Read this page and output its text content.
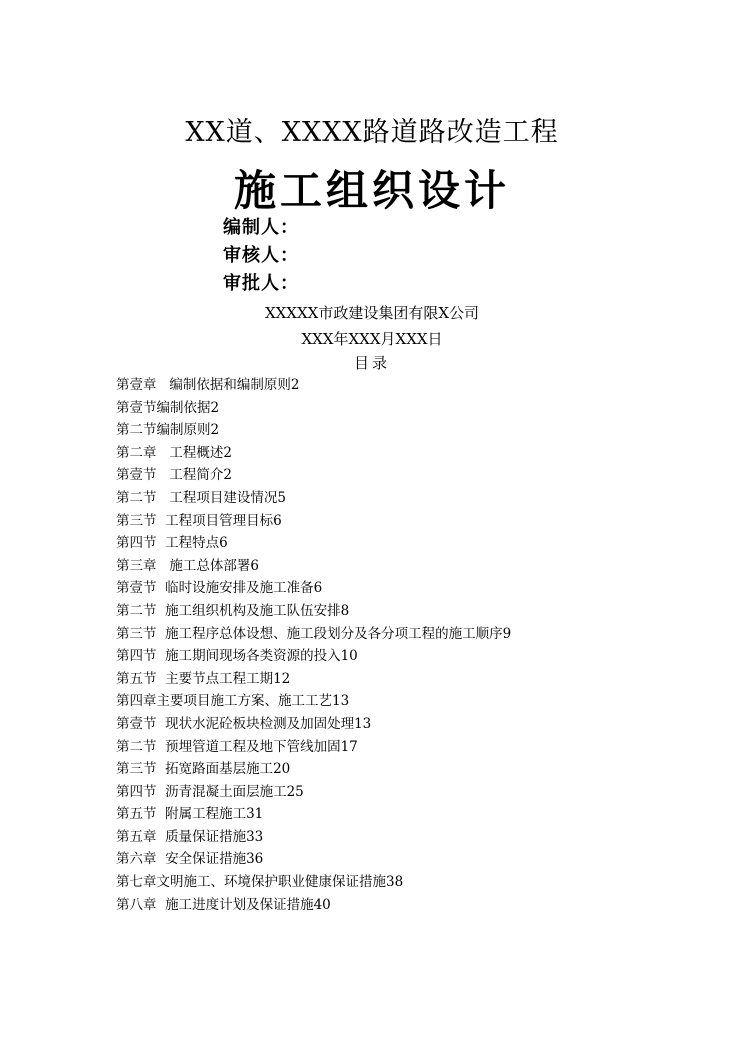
XX道、XXXX路道路改造工程
施工组织设计
编制人：
审核人：
审批人：
XXXXX市政建设集团有限X公司
XXX年XXX月XXX日
目录
第壹章   编制依据和编制原则2
第壹节编制依据2
第二节编制原则2
第二章   工程概述2
第壹节   工程简介2
第二节   工程项目建设情况5
第三节  工程项目管理目标6
第四节  工程特点6
第三章   施工总体部署6
第壹节  临时设施安排及施工准备6
第二节  施工组织机构及施工队伍安排8
第三节  施工程序总体设想、施工段划分及各分项工程的施工顺序9
第四节  施工期间现场各类资源的投入10
第五节  主要节点工程工期12
第四章主要项目施工方案、施工工艺13
第壹节  现状水泥砼板块检测及加固处理13
第二节  预埋管道工程及地下管线加固17
第三节  拓宽路面基层施工20
第四节  沥青混凝土面层施工25
第五节  附属工程施工31
第五章  质量保证措施33
第六章  安全保证措施36
第七章文明施工、环境保护职业健康保证措施38
第八章  施工进度计划及保证措施40
